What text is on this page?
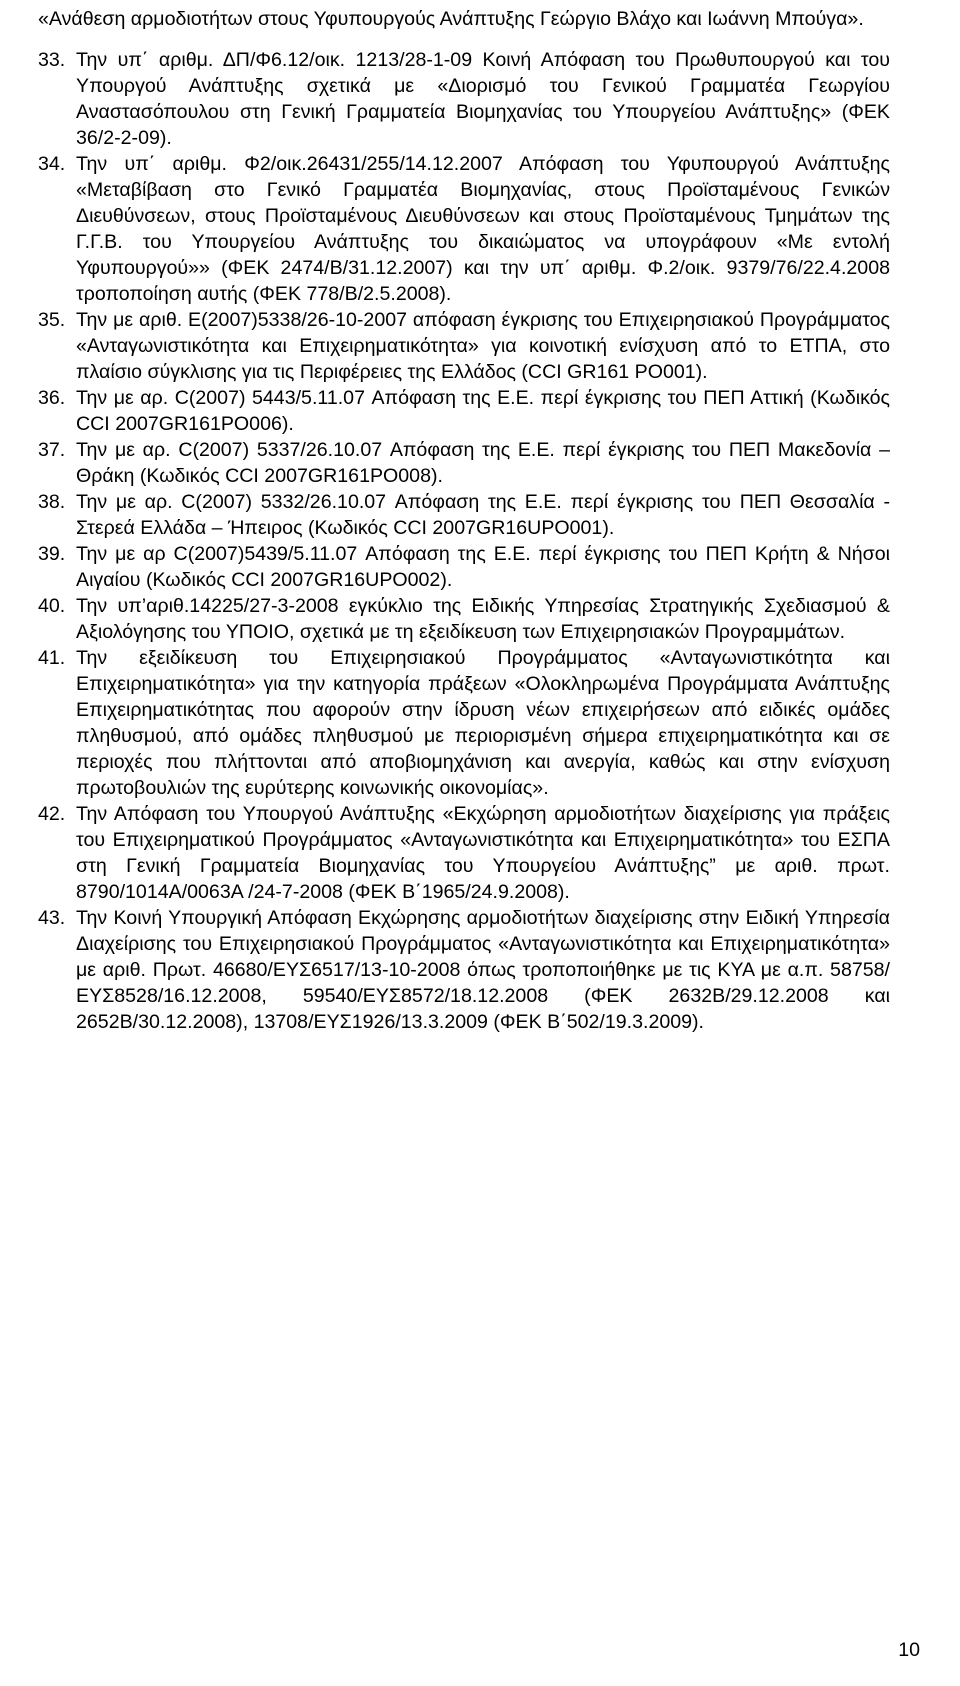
«Ανάθεση αρμοδιοτήτων στους Υφυπουργούς Ανάπτυξης Γεώργιο Βλάχο και Ιωάννη Μπούγα».

33. Την υπ΄ αριθμ. ΔΠ/Φ6.12/οικ. 1213/28-1-09 Κοινή Απόφαση του Πρωθυπουργού και του Υπουργού Ανάπτυξης σχετικά με «Διορισμό του Γενικού Γραμματέα Γεωργίου Αναστασόπουλου στη Γενική Γραμματεία Βιομηχανίας του Υπουργείου Ανάπτυξης» (ΦΕΚ 36/2-2-09).
34. Την υπ΄ αριθμ. Φ2/οικ.26431/255/14.12.2007 Απόφαση του Υφυπουργού Ανάπτυξης «Μεταβίβαση στο Γενικό Γραμματέα Βιομηχανίας, στους Προϊσταμένους Γενικών Διευθύνσεων, στους Προϊσταμένους Διευθύνσεων και στους Προϊσταμένους Τμημάτων της Γ.Γ.Β. του Υπουργείου Ανάπτυξης του δικαιώματος να υπογράφουν «Με εντολή Υφυπουργού»» (ΦΕΚ 2474/Β/31.12.2007) και την υπ΄ αριθμ. Φ.2/οικ. 9379/76/22.4.2008 τροποποίηση αυτής (ΦΕΚ 778/Β/2.5.2008).
35. Την με αριθ. Ε(2007)5338/26-10-2007 απόφαση έγκρισης του Επιχειρησιακού Προγράμματος «Ανταγωνιστικότητα και Επιχειρηματικότητα» για κοινοτική ενίσχυση από το ΕΤΠΑ, στο πλαίσιο σύγκλισης για τις Περιφέρειες της Ελλάδος (CCI GR161 PO001).
36. Την με αρ. C(2007) 5443/5.11.07 Απόφαση της Ε.Ε. περί έγκρισης του ΠΕΠ Αττική (Κωδικός CCI 2007GR161PO006).
37. Την με αρ. C(2007) 5337/26.10.07 Απόφαση της Ε.Ε. περί έγκρισης του ΠΕΠ Μακεδονία – Θράκη (Κωδικός CCI 2007GR161PO008).
38. Την με αρ. C(2007) 5332/26.10.07 Απόφαση της Ε.Ε. περί έγκρισης του ΠΕΠ Θεσσαλία - Στερεά Ελλάδα – Ήπειρος (Κωδικός CCI 2007GR16UPO001).
39. Την με αρ C(2007)5439/5.11.07 Απόφαση της Ε.Ε. περί έγκρισης του ΠΕΠ Κρήτη & Νήσοι Αιγαίου (Κωδικός CCI 2007GR16UPO002).
40. Την υπ’αριθ.14225/27-3-2008 εγκύκλιο της Ειδικής Υπηρεσίας Στρατηγικής Σχεδιασμού & Αξιολόγησης του ΥΠΟΙΟ, σχετικά με τη εξειδίκευση των Επιχειρησιακών Προγραμμάτων.
41. Την εξειδίκευση του Επιχειρησιακού Προγράμματος «Ανταγωνιστικότητα και Επιχειρηματικότητα» για την κατηγορία πράξεων «Ολοκληρωμένα Προγράμματα Ανάπτυξης Επιχειρηματικότητας που αφορούν στην ίδρυση νέων επιχειρήσεων από ειδικές ομάδες πληθυσμού, από ομάδες πληθυσμού με περιορισμένη σήμερα επιχειρηματικότητα και σε περιοχές που πλήττονται από αποβιομηχάνιση και ανεργία, καθώς και στην ενίσχυση πρωτοβουλιών της ευρύτερης κοινωνικής οικονομίας».
42. Την Απόφαση του Υπουργού Ανάπτυξης «Εκχώρηση αρμοδιοτήτων διαχείρισης για πράξεις του Επιχειρηματικού Προγράμματος «Ανταγωνιστικότητα και Επιχειρηματικότητα» του ΕΣΠΑ στη Γενική Γραμματεία Βιομηχανίας του Υπουργείου Ανάπτυξης” με αριθ. πρωτ. 8790/1014Α/0063Α /24-7-2008 (ΦΕΚ Β΄1965/24.9.2008).
43. Την Κοινή Υπουργική Απόφαση Εκχώρησης αρμοδιοτήτων διαχείρισης στην Ειδική Υπηρεσία Διαχείρισης του Επιχειρησιακού Προγράμματος «Ανταγωνιστικότητα και Επιχειρηματικότητα» με αριθ. Πρωτ. 46680/ΕΥΣ6517/13-10-2008 όπως τροποποιήθηκε με τις ΚΥΑ με α.π. 58758/ΕΥΣ8528/16.12.2008, 59540/ΕΥΣ8572/18.12.2008 (ΦΕΚ 2632Β/29.12.2008 και 2652Β/30.12.2008), 13708/ΕΥΣ1926/13.3.2009 (ΦΕΚ Β΄502/19.3.2009).
10
